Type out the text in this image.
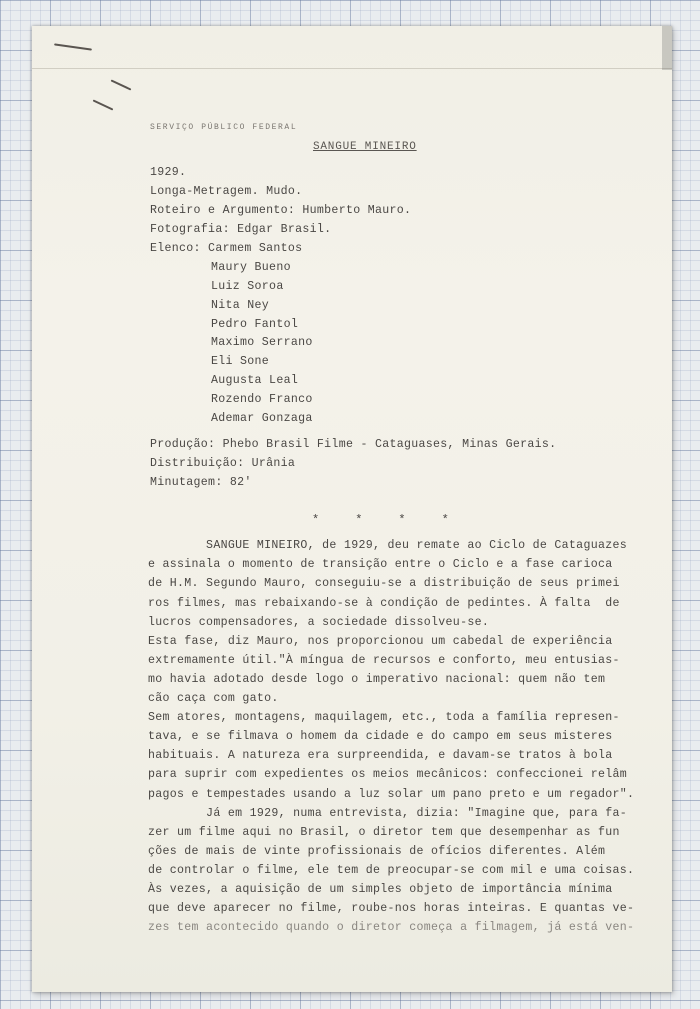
SERVIÇO PÚBLICO FEDERAL
SANGUE MINEIRO
1929.
Longa-Metragem. Mudo.
Roteiro e Argumento: Humberto Mauro.
Fotografia: Edgar Brasil.
Elenco: Carmem Santos
Maury Bueno
Luiz Soroa
Nita Ney
Pedro Fantol
Maximo Serrano
Eli Sone
Augusta Leal
Rozendo Franco
Ademar Gonzaga
Produção: Phebo Brasil Filme - Cataguases, Minas Gerais.
Distribuição: Urânia
Minutagem: 82'
*     *     *     *
SANGUE MINEIRO, de 1929, deu remate ao Ciclo de Cataguazes
e assinala o momento de transição entre o Ciclo e a fase carioca
de H.M. Segundo Mauro, conseguiu-se a distribuição de seus primei
ros filmes, mas rebaixando-se à condição de pedintes. À falta  de
lucros compensadores, a sociedade dissolveu-se.
Esta fase, diz Mauro, nos proporcionou um cabedal de experiência
extremamente útil."À míngua de recursos e conforto, meu entusias-
mo havia adotado desde logo o imperativo nacional: quem não tem
cão caça com gato.
Sem atores, montagens, maquilagem, etc., toda a família represen-
tava, e se filmava o homem da cidade e do campo em seus misteres
habituais. A natureza era surpreendida, e davam-se tratos à bola
para suprir com expedientes os meios mecânicos: confeccionei relâm
pagos e tempestades usando a luz solar um pano preto e um regador".
Já em 1929, numa entrevista, dizia: "Imagine que, para fa-
zer um filme aqui no Brasil, o diretor tem que desempenhar as fun
ções de mais de vinte profissionais de ofícios diferentes. Além
de controlar o filme, ele tem de preocupar-se com mil e uma coisas.
Às vezes, a aquisição de um simples objeto de importância mínima
que deve aparecer no filme, roube-nos horas inteiras. E quantas ve-
zes tem acontecido quando o diretor começa a filmagem, já está ven-
